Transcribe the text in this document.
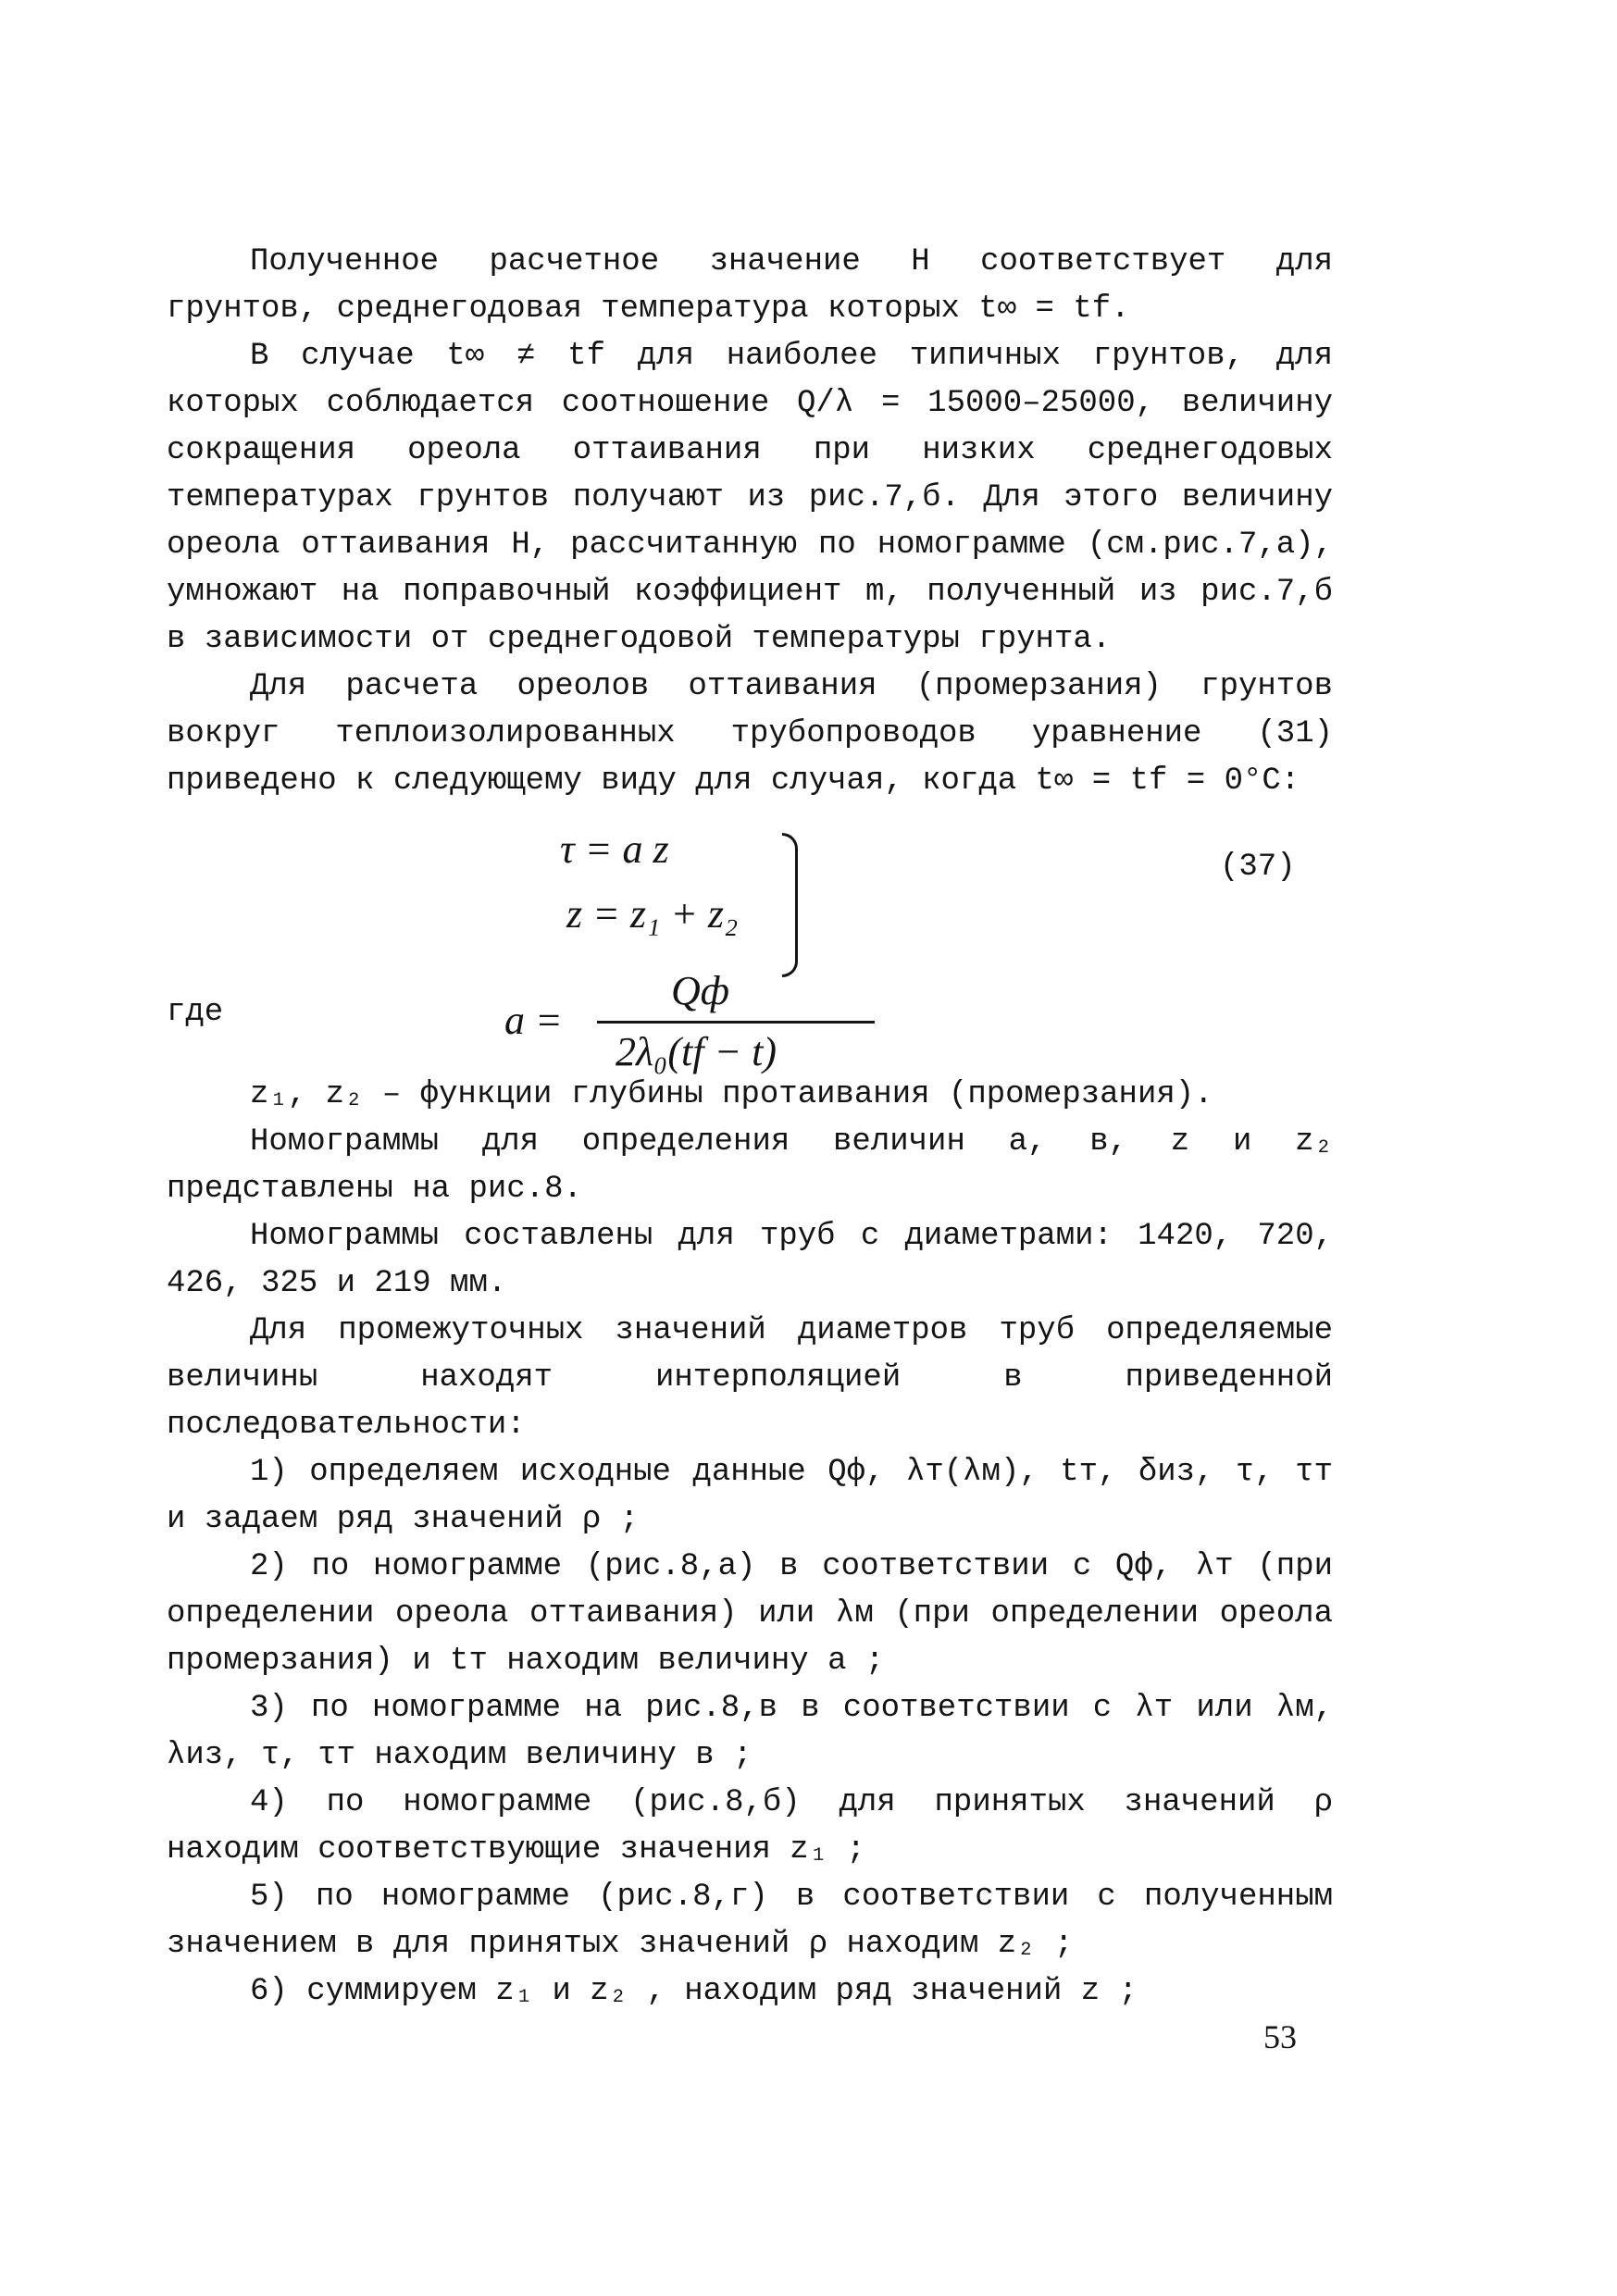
Полученное расчетное значение H соответствует для грунтов, среднегодовая температура которых t∞ = tf.

В случае t∞ ≠ tf для наиболее типичных грунтов, для которых соблюдается соотношение Q/λ = 15000–25000, величину сокращения ореола оттаивания при низких среднегодовых температурах грунтов получают из рис.7,б. Для этого величину ореола оттаивания H, рассчитанную по номограмме (см.рис.7,а), умножают на поправочный коэффициент m, полученный из рис.7,б в зависимости от среднегодовой температуры грунта.

Для расчета ореолов оттаивания (промерзания) грунтов вокруг теплоизолированных трубопроводов уравнение (31) приведено к следующему виду для случая, когда t∞ = tf = 0°C:

τ = a z
z = z₁ + z₂
(37)
где	a =
Qф
2λ₀(tf − t)

z₁, z₂ – функции глубины протаивания (промерзания).

Номограммы для определения величин a, в, z и z₂ представлены на рис.8.

Номограммы составлены для труб с диаметрами: 1420, 720, 426, 325 и 219 мм.

Для промежуточных значений диаметров труб определяемые величины находят интерполяцией в приведенной последовательности:

1) определяем исходные данные Qф, λт(λм), tт, δиз, τ, τт и задаем ряд значений ρ ;

2) по номограмме (рис.8,а) в соответствии с Qф, λт (при определении ореола оттаивания) или λм (при определении ореола промерзания) и tт находим величину a ;

3) по номограмме на рис.8,в в соответствии с λт или λм, λиз, τ, τт находим величину в ;

4) по номограмме (рис.8,б) для принятых значений ρ находим соответствующие значения z₁ ;

5) по номограмме (рис.8,г) в соответствии с полученным значением в для принятых значений ρ находим z₂ ;

6) суммируем z₁ и z₂ , находим ряд значений z ;

53
